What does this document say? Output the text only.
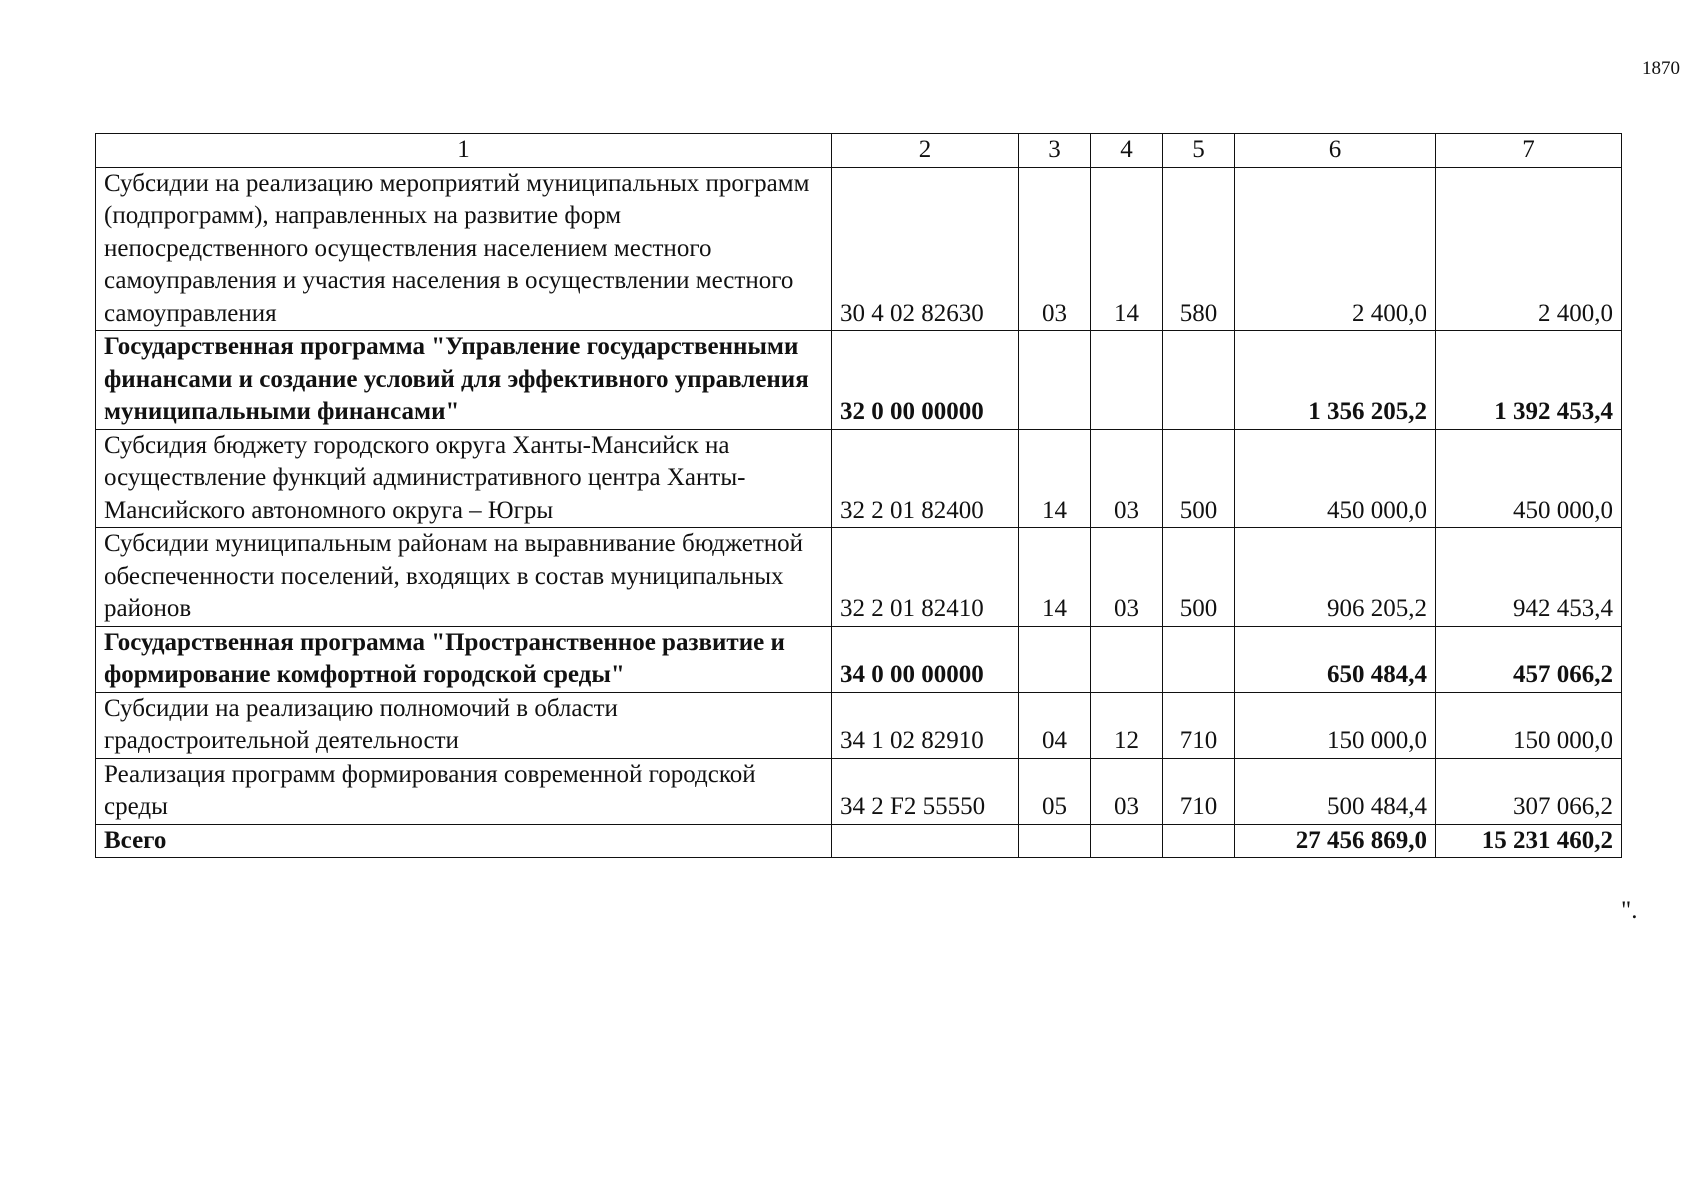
1870
1	2	3	4	5	6	7
Субсидии на реализацию мероприятий муниципальных программ (подпрограмм), направленных на развитие форм непосредственного осуществления населением местного самоуправления и участия населения в осуществлении местного самоуправления	30 4 02 82630	03	14	580	2 400,0	2 400,0
Государственная программа "Управление государственными финансами и создание условий для эффективного управления муниципальными финансами"	32 0 00 00000				1 356 205,2	1 392 453,4
Субсидия бюджету городского округа Ханты-Мансийск на осуществление функций административного центра Ханты-Мансийского автономного округа – Югры	32 2 01 82400	14	03	500	450 000,0	450 000,0
Субсидии муниципальным районам на выравнивание бюджетной обеспеченности поселений, входящих в состав муниципальных районов	32 2 01 82410	14	03	500	906 205,2	942 453,4
Государственная программа "Пространственное развитие и формирование комфортной городской среды"	34 0 00 00000				650 484,4	457 066,2
Субсидии на реализацию полномочий в области градостроительной деятельности	34 1 02 82910	04	12	710	150 000,0	150 000,0
Реализация программ формирования современной городской среды	34 2 F2 55550	05	03	710	500 484,4	307 066,2
Всего					27 456 869,0	15 231 460,2
".
